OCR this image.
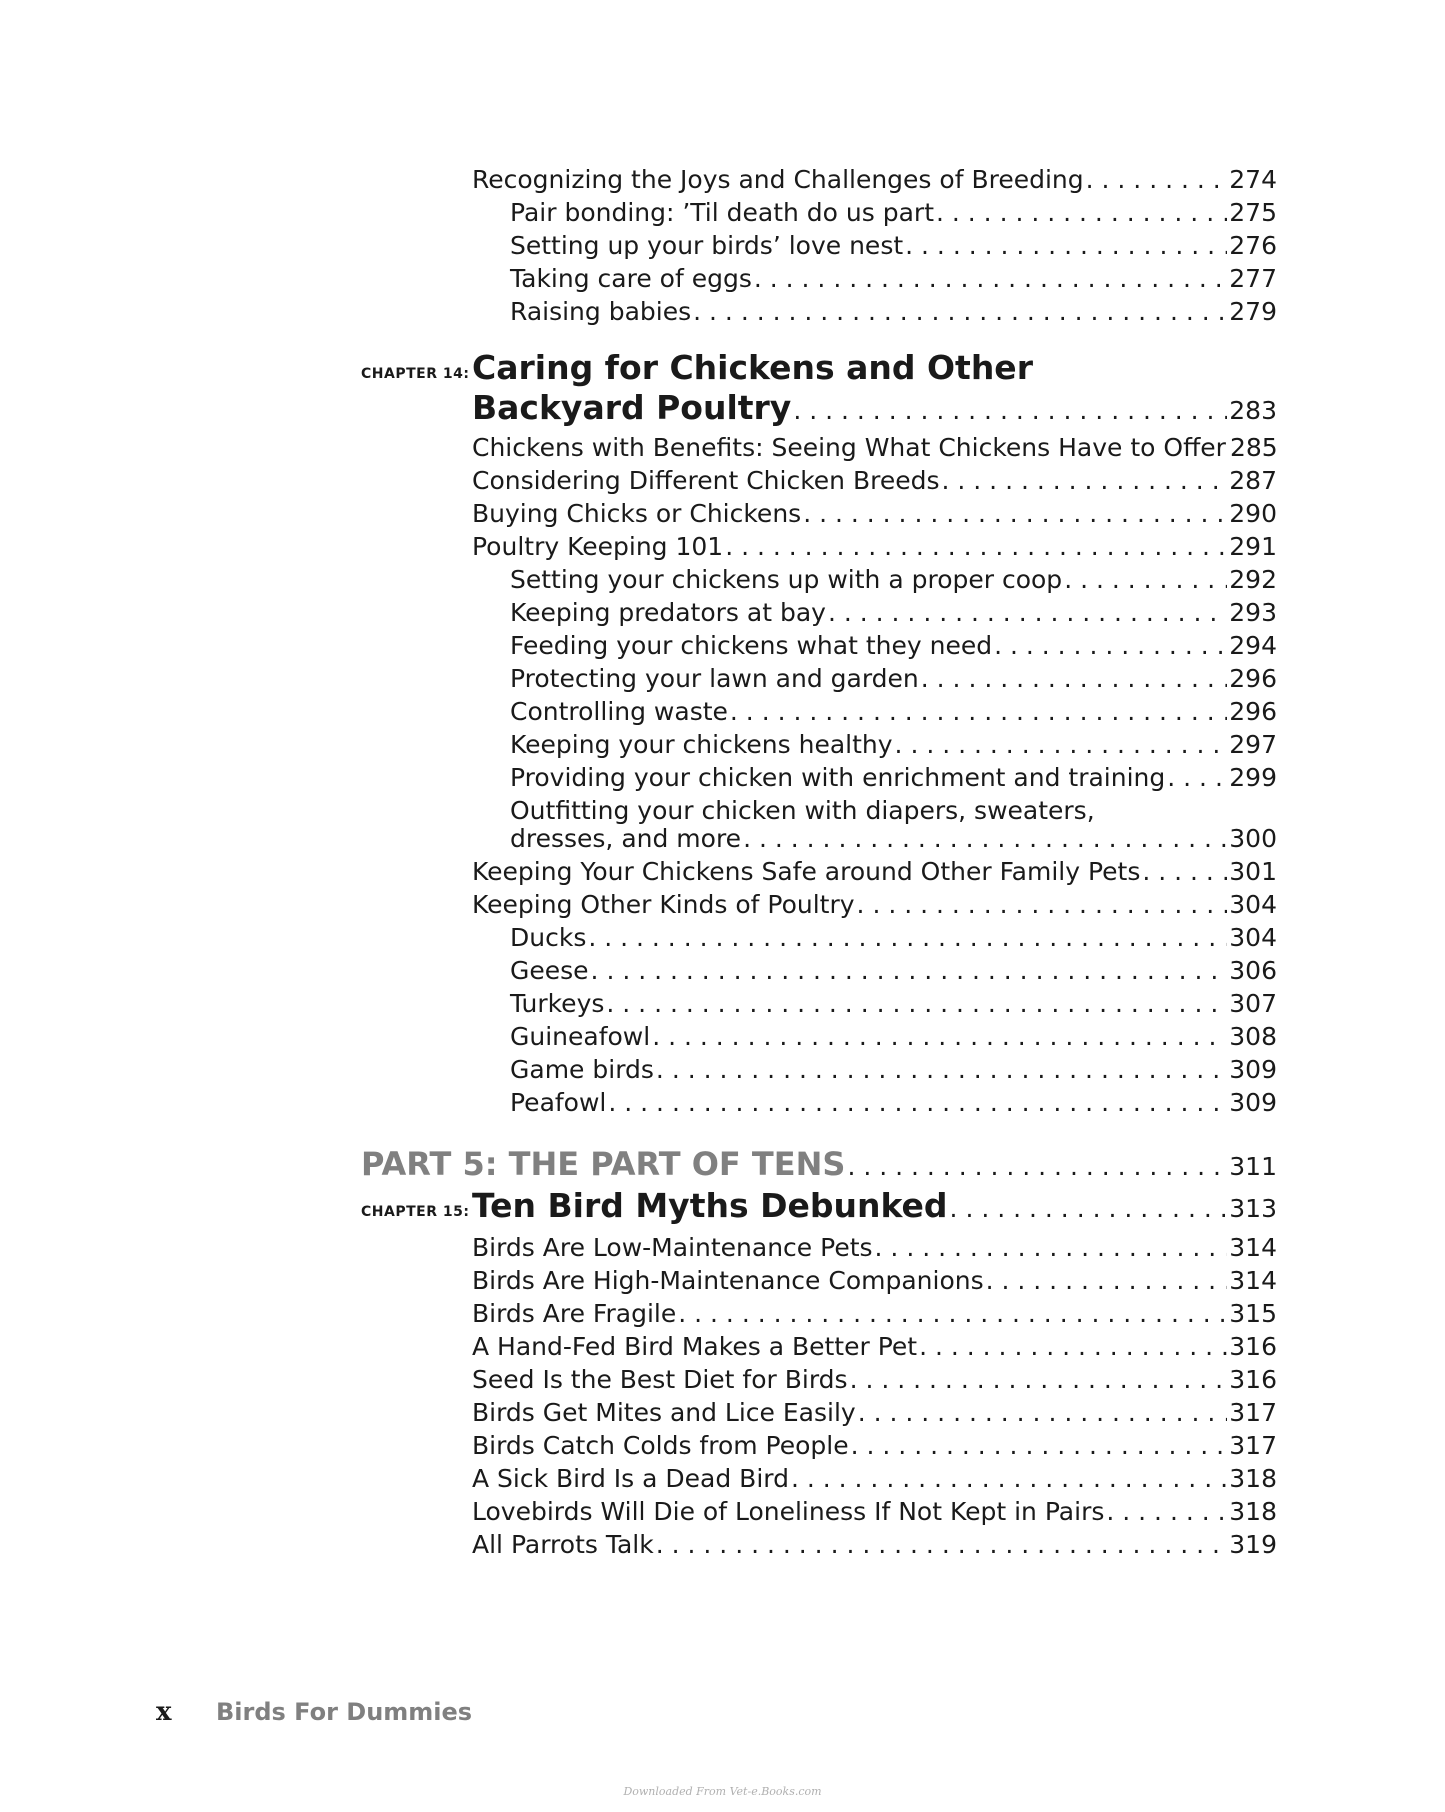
Recognizing the Joys and Challenges of Breeding . . .	274
Pair bonding: ’Til death do us part . . .	275
Setting up your birds’ love nest . . .	276
Taking care of eggs . . .	277
Raising babies . . .	279
CHAPTER 14: Caring for Chickens and Other
Backyard Poultry . . .	283
Chickens with Benefits: Seeing What Chickens Have to Offer 285
Considering Different Chicken Breeds . . .	287
Buying Chicks or Chickens . . .	290
Poultry Keeping 101 . . .	291
Setting your chickens up with a proper coop . . .	292
Keeping predators at bay . . .	293
Feeding your chickens what they need . . .	294
Protecting your lawn and garden . . .	296
Controlling waste . . .	296
Keeping your chickens healthy . . .	297
Providing your chicken with enrichment and training . . .	299
Outfitting your chicken with diapers, sweaters,
dresses, and more . . .	300
Keeping Your Chickens Safe around Other Family Pets . . .	301
Keeping Other Kinds of Poultry . . .	304
Ducks . . .	304
Geese . . .	306
Turkeys . . .	307
Guineafowl . . .	308
Game birds . . .	309
Peafowl . . .	309
PART 5: THE PART OF TENS . . .	311
CHAPTER 15: Ten Bird Myths Debunked . . .	313
Birds Are Low-Maintenance Pets . . .	314
Birds Are High-Maintenance Companions . . .	314
Birds Are Fragile . . .	315
A Hand-Fed Bird Makes a Better Pet . . .	316
Seed Is the Best Diet for Birds . . .	316
Birds Get Mites and Lice Easily . . .	317
Birds Catch Colds from People . . .	317
A Sick Bird Is a Dead Bird . . .	318
Lovebirds Will Die of Loneliness If Not Kept in Pairs . . .	318
All Parrots Talk . . .	319
x Birds For Dummies
Downloaded From Vet-e.Books.com
